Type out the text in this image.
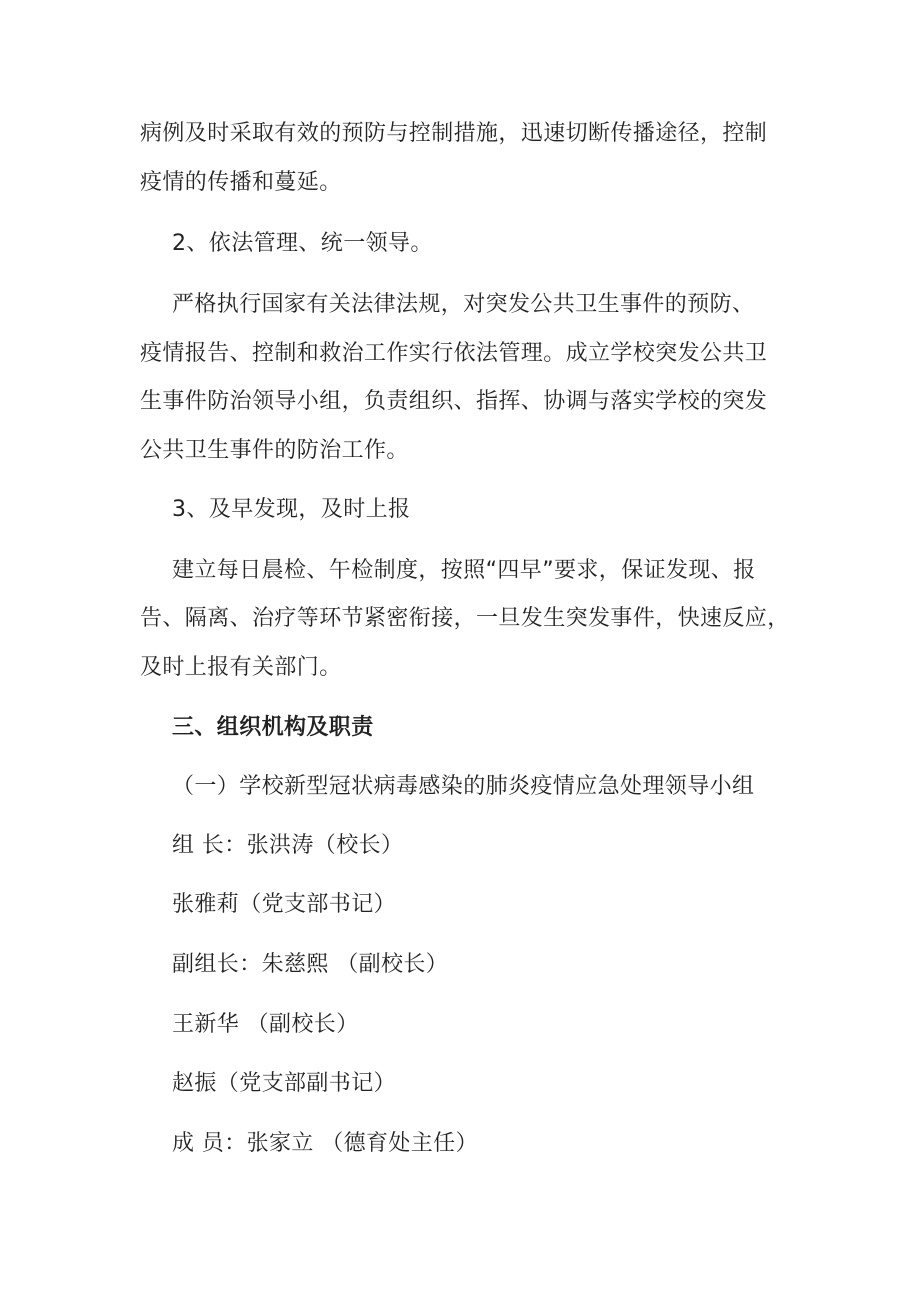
病例及时采取有效的预防与控制措施，迅速切断传播途径，控制
疫情的传播和蔓延。
2、依法管理、统一领导。
严格执行国家有关法律法规，对突发公共卫生事件的预防、
疫情报告、控制和救治工作实行依法管理。成立学校突发公共卫
生事件防治领导小组，负责组织、指挥、协调与落实学校的突发
公共卫生事件的防治工作。
3、及早发现，及时上报
建立每日晨检、午检制度，按照“四早”要求，保证发现、报
告、隔离、治疗等环节紧密衔接，一旦发生突发事件，快速反应，
及时上报有关部门。
三、组织机构及职责
（一）学校新型冠状病毒感染的肺炎疫情应急处理领导小组
组 长：张洪涛（校长）
张雅莉（党支部书记）
副组长：朱慈熙 （副校长）
王新华 （副校长）
赵振（党支部副书记）
成 员：张家立 （德育处主任）
